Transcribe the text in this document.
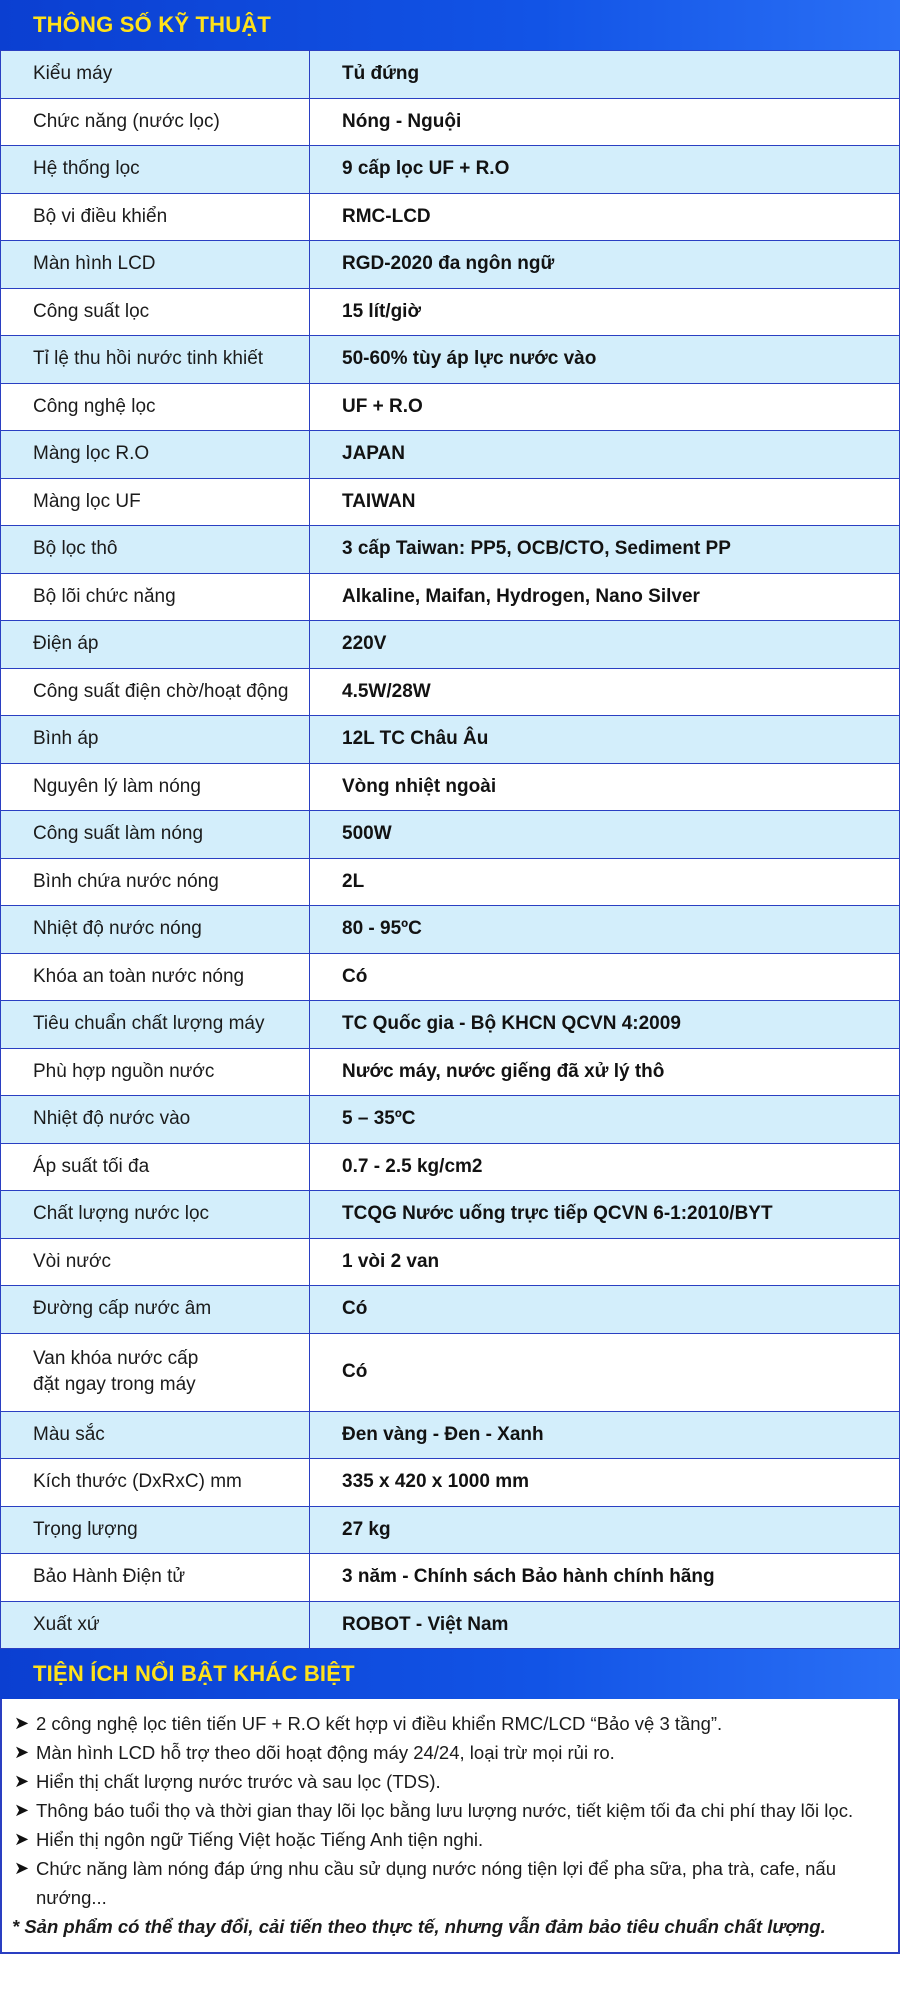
THÔNG SỐ KỸ THUẬT
Kiểu máy	Tủ đứng
Chức năng (nước lọc)	Nóng - Nguội
Hệ thống lọc	9 cấp lọc UF + R.O
Bộ vi điều khiển	RMC-LCD
Màn hình LCD	RGD-2020 đa ngôn ngữ
Công suất lọc	15 lít/giờ
Tỉ lệ thu hồi nước tinh khiết	50-60% tùy áp lực nước vào
Công nghệ lọc	UF + R.O
Màng lọc R.O	JAPAN
Màng lọc UF	TAIWAN
Bộ lọc thô	3 cấp Taiwan: PP5, OCB/CTO, Sediment PP
Bộ lõi chức năng	Alkaline, Maifan, Hydrogen, Nano Silver
Điện áp	220V
Công suất điện chờ/hoạt động	4.5W/28W
Bình áp	12L TC Châu Âu
Nguyên lý làm nóng	Vòng nhiệt ngoài
Công suất làm nóng	500W
Bình chứa nước nóng	2L
Nhiệt độ nước nóng	80 - 95ºC
Khóa an toàn nước nóng	Có
Tiêu chuẩn chất lượng máy	TC Quốc gia - Bộ KHCN QCVN 4:2009
Phù hợp nguồn nước	Nước máy, nước giếng đã xử lý thô
Nhiệt độ nước vào	5 – 35ºC
Áp suất tối đa	0.7 - 2.5 kg/cm2
Chất lượng nước lọc	TCQG Nước uống trực tiếp QCVN 6-1:2010/BYT
Vòi nước	1 vòi 2 van
Đường cấp nước âm	Có

Van khóa nước cấp
đặt ngay trong máy	Có
Màu sắc	Đen vàng - Đen - Xanh
Kích thước (DxRxC) mm	335 x 420 x 1000 mm
Trọng lượng	27 kg
Bảo Hành Điện tử	3 năm - Chính sách Bảo hành chính hãng
Xuất xứ	ROBOT - Việt Nam
TIỆN ÍCH NỔI BẬT KHÁC BIỆT
➤ 2 công nghệ lọc tiên tiến UF + R.O kết hợp vi điều khiển RMC/LCD “Bảo vệ 3 tầng”.
➤ Màn hình LCD hỗ trợ theo dõi hoạt động máy 24/24, loại trừ mọi rủi ro.
➤ Hiển thị chất lượng nước trước và sau lọc (TDS).
➤ Thông báo tuổi thọ và thời gian thay lõi lọc bằng lưu lượng nước, tiết kiệm tối đa chi phí thay lõi lọc.
➤ Hiển thị ngôn ngữ Tiếng Việt hoặc Tiếng Anh tiện nghi.
➤ Chức năng làm nóng đáp ứng nhu cầu sử dụng nước nóng tiện lợi để pha sữa, pha trà, cafe, nấu nướng...
* Sản phẩm có thể thay đổi, cải tiến theo thực tế, nhưng vẫn đảm bảo tiêu chuẩn chất lượng.
